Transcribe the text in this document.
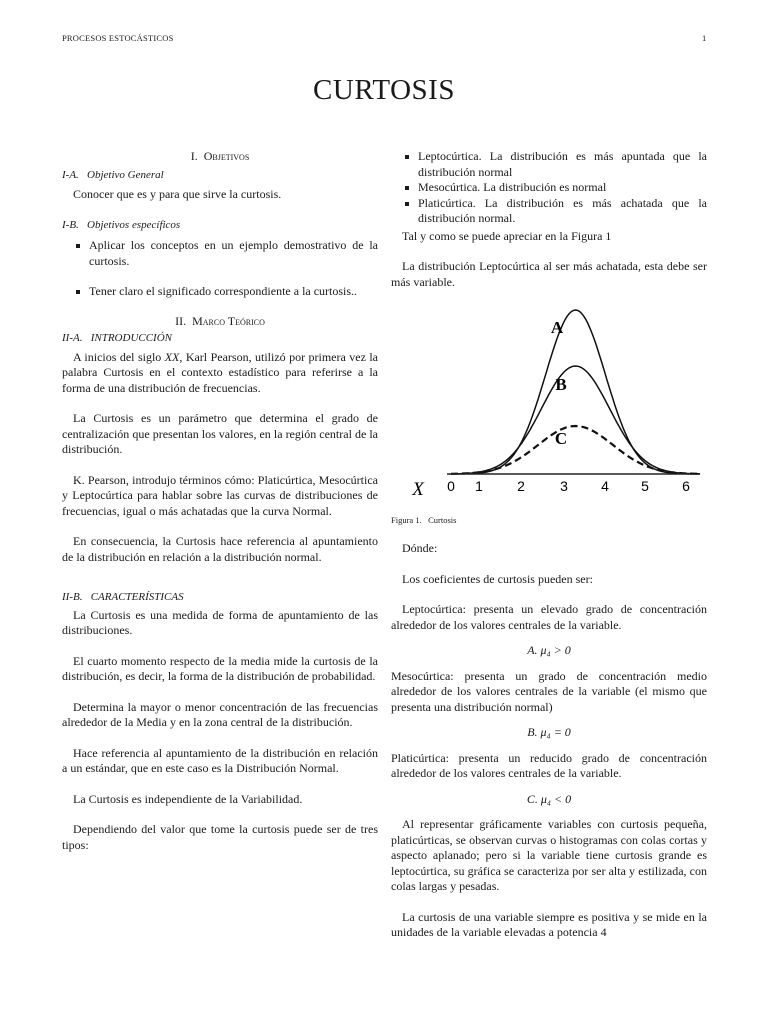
PROCESOS ESTOCÁSTICOS	1
CURTOSIS
I. Objetivos
I-A. Objetivo General

Conocer que es y para que sirve la curtosis.

I-B. Objetivos específicos
Aplicar los conceptos en un ejemplo demostrativo de la curtosis.
Tener claro el significado correspondiente a la curtosis..
II. Marco Teórico
II-A. INTRODUCCIÓN

A inicios del siglo XX, Karl Pearson, utilizó por primera vez la palabra Curtosis en el contexto estadístico para referirse a la forma de una distribución de frecuencias.

La Curtosis es un parámetro que determina el grado de centralización que presentan los valores, en la región central de la distribución.

K. Pearson, introdujo términos cómo: Platicúrtica, Mesocúrtica y Leptocúrtica para hablar sobre las curvas de distribuciones de frecuencias, igual o más achatadas que la curva Normal.

En consecuencia, la Curtosis hace referencia al apuntamiento de la distribución en relación a la distribución normal.

II-B. CARACTERÍSTICAS

La Curtosis es una medida de forma de apuntamiento de las distribuciones.

El cuarto momento respecto de la media mide la curtosis de la distribución, es decir, la forma de la distribución de probabilidad.

Determina la mayor o menor concentración de las frecuencias alrededor de la Media y en la zona central de la distribución.

Hace referencia al apuntamiento de la distribución en relación a un estándar, que en este caso es la Distribución Normal.

La Curtosis es independiente de la Variabilidad.

Dependiendo del valor que tome la curtosis puede ser de tres tipos:

Leptocúrtica. La distribución es más apuntada que la distribución normal
Mesocúrtica. La distribución es normal
Platicúrtica. La distribución es más achatada que la distribución normal.

Tal y como se puede apreciar en la Figura 1

La distribución Leptocúrtica al ser más achatada, esta debe ser más variable.

A
B
C
X 0 1 2	3 4 5 6
Figura 1. Curtosis

Dónde:

Los coeficientes de curtosis pueden ser:

Leptocúrtica: presenta un elevado grado de concentración alrededor de los valores centrales de la variable.

A. μ₄ > 0

Mesocúrtica: presenta un grado de concentración medio alrededor de los valores centrales de la variable (el mismo que presenta una distribución normal)

B. μ₄ = 0

Platicúrtica: presenta un reducido grado de concentración alrededor de los valores centrales de la variable.

C. μ₄ < 0

Al representar gráficamente variables con curtosis pequeña, platicúrticas, se observan curvas o histogramas con colas cortas y aspecto aplanado; pero si la variable tiene curtosis grande es leptocúrtica, su gráfica se caracteriza por ser alta y estilizada, con colas largas y pesadas.

La curtosis de una variable siempre es positiva y se mide en la unidades de la variable elevadas a potencia 4
